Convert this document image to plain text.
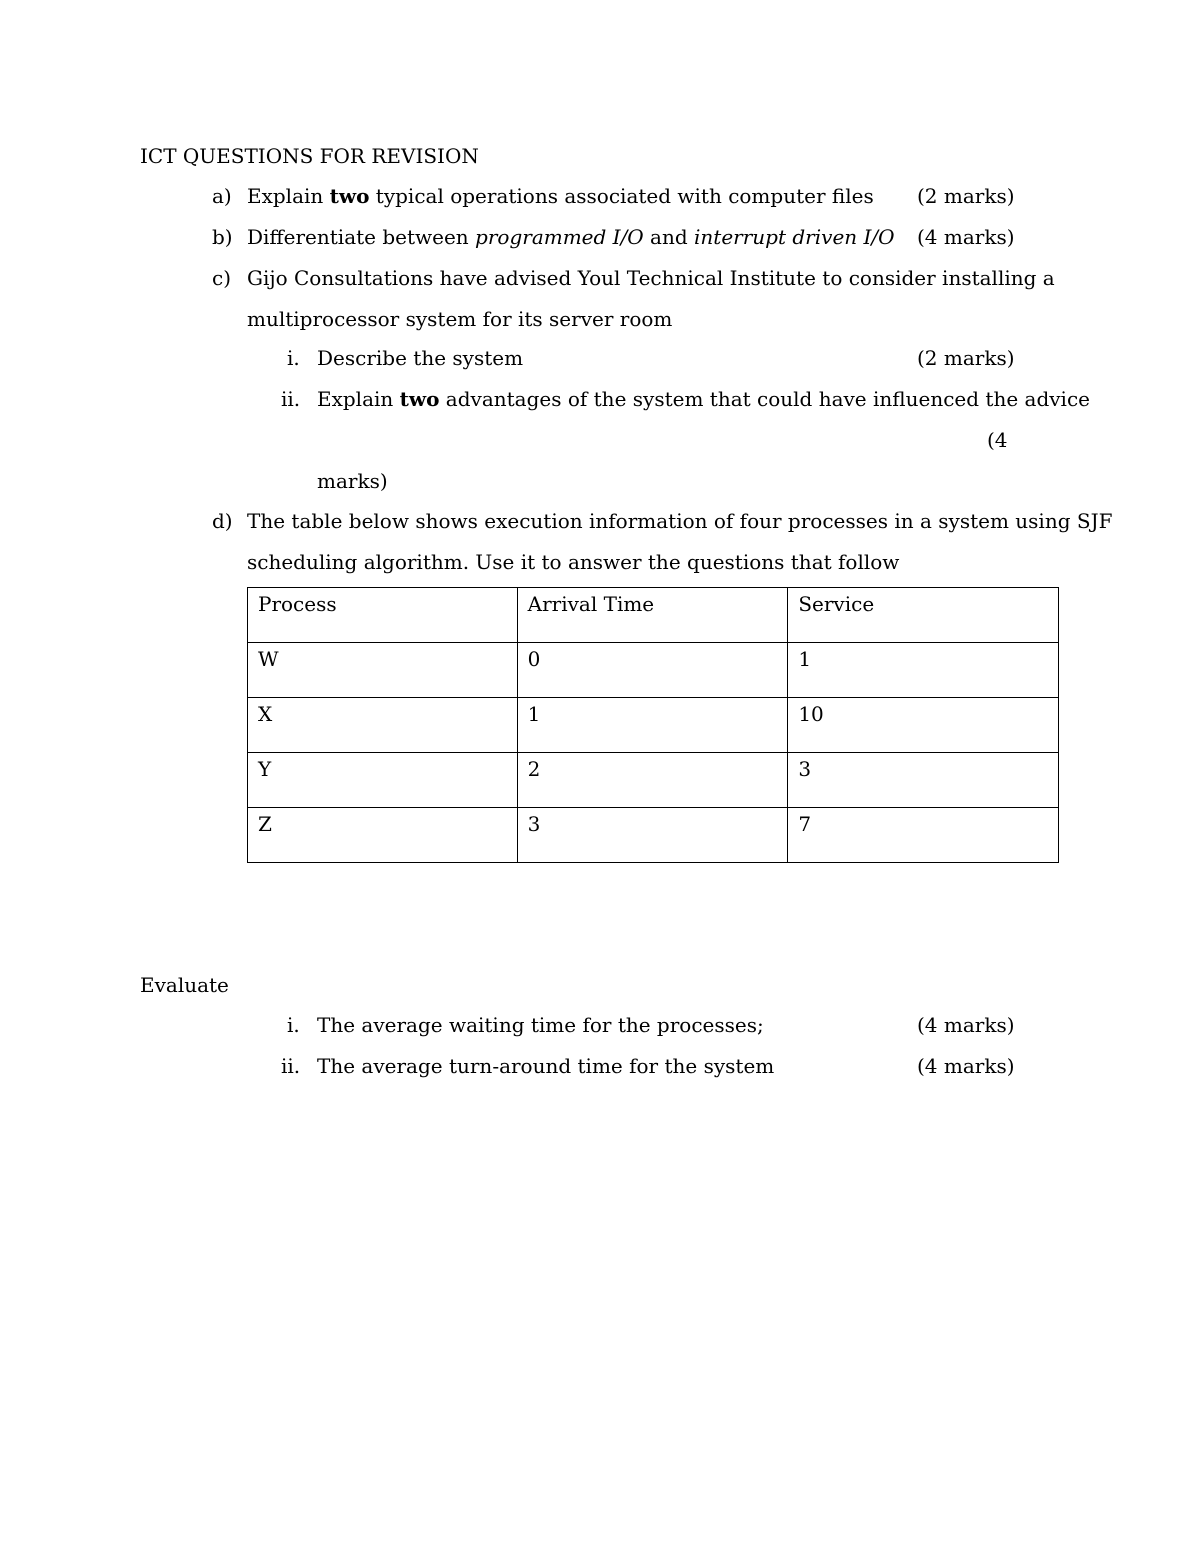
ICT QUESTIONS FOR REVISION
a) Explain two typical operations associated with computer files (2 marks)
b) Differentiate between programmed I/O and interrupt driven I/O (4 marks)
c) Gijo Consultations have advised Youl Technical Institute to consider installing a
multiprocessor system for its server room
i. Describe the system	(2 marks)
ii. Explain two advantages of the system that could have influenced the advice
(4
marks)
d) The table below shows execution information of four processes in a system using SJF
scheduling algorithm. Use it to answer the questions that follow
Process	Arrival Time	Service
W	0	1
X	1	10
Y	2	3
Z	3	7
Evaluate
i. The average waiting time for the processes;	(4 marks)
ii. The average turn-around time for the system	(4 marks)
